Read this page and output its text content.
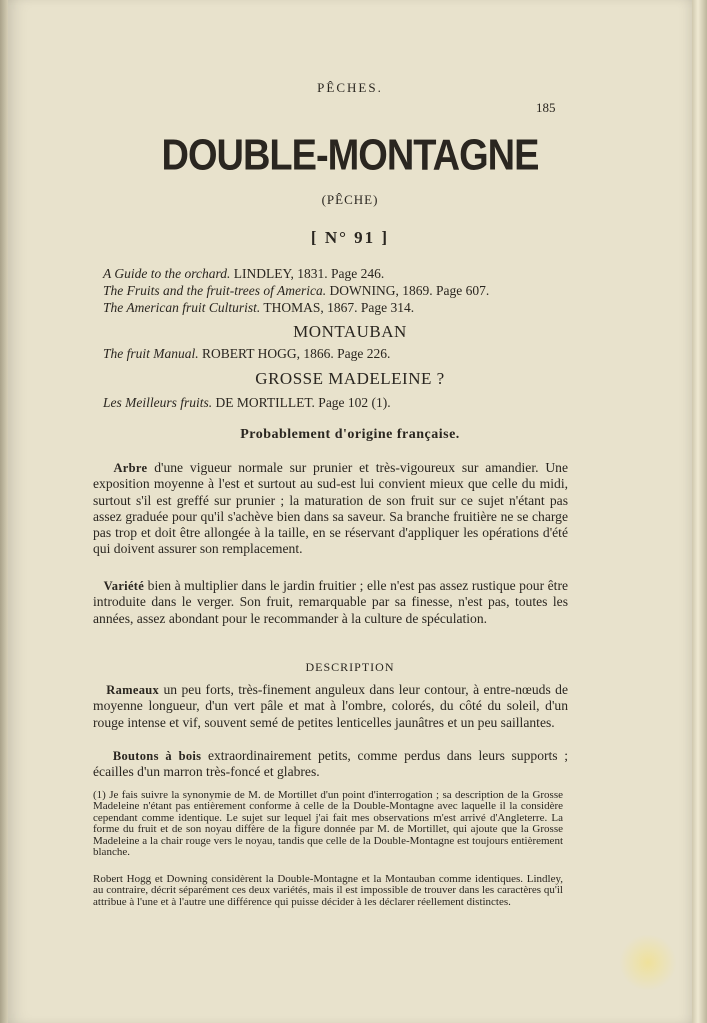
PÊCHES.
185
DOUBLE-MONTAGNE
(PÊCHE)
[ N° 91 ]
A Guide to the orchard. LINDLEY, 1831. Page 246.
The Fruits and the fruit-trees of America. DOWNING, 1869. Page 607.
The American fruit Culturist. THOMAS, 1867. Page 314.
MONTAUBAN
The fruit Manual. ROBERT HOGG, 1866. Page 226.
GROSSE MADELEINE ?
Les Meilleurs fruits. DE MORTILLET. Page 102 (1).
Probablement d'origine française.
Arbre d'une vigueur normale sur prunier et très-vigoureux sur amandier. Une exposition moyenne à l'est et surtout au sud-est lui convient mieux que celle du midi, surtout s'il est greffé sur prunier ; la maturation de son fruit sur ce sujet n'étant pas assez graduée pour qu'il s'achève bien dans sa saveur. Sa branche fruitière ne se charge pas trop et doit être allongée à la taille, en se réservant d'appliquer les opérations d'été qui doivent assurer son remplacement.
Variété bien à multiplier dans le jardin fruitier ; elle n'est pas assez rustique pour être introduite dans le verger. Son fruit, remarquable par sa finesse, n'est pas, toutes les années, assez abondant pour le recommander à la culture de spéculation.
DESCRIPTION
Rameaux un peu forts, très-finement anguleux dans leur contour, à entre-nœuds de moyenne longueur, d'un vert pâle et mat à l'ombre, colorés, du côté du soleil, d'un rouge intense et vif, souvent semé de petites lenticelles jaunâtres et un peu saillantes.
Boutons à bois extraordinairement petits, comme perdus dans leurs supports ; écailles d'un marron très-foncé et glabres.
(1) Je fais suivre la synonymie de M. de Mortillet d'un point d'interrogation ; sa description de la Grosse Madeleine n'étant pas entièrement conforme à celle de la Double-Montagne avec laquelle il la considère cependant comme identique. Le sujet sur lequel j'ai fait mes observations m'est arrivé d'Angleterre. La forme du fruit et de son noyau diffère de la figure donnée par M. de Mortillet, qui ajoute que la Grosse Madeleine a la chair rouge vers le noyau, tandis que celle de la Double-Montagne est toujours entièrement blanche.
Robert Hogg et Downing considèrent la Double-Montagne et la Montauban comme identiques. Lindley, au contraire, décrit séparément ces deux variétés, mais il est impossible de trouver dans les caractères qu'il attribue à l'une et à l'autre une différence qui puisse décider à les déclarer réellement distinctes.
